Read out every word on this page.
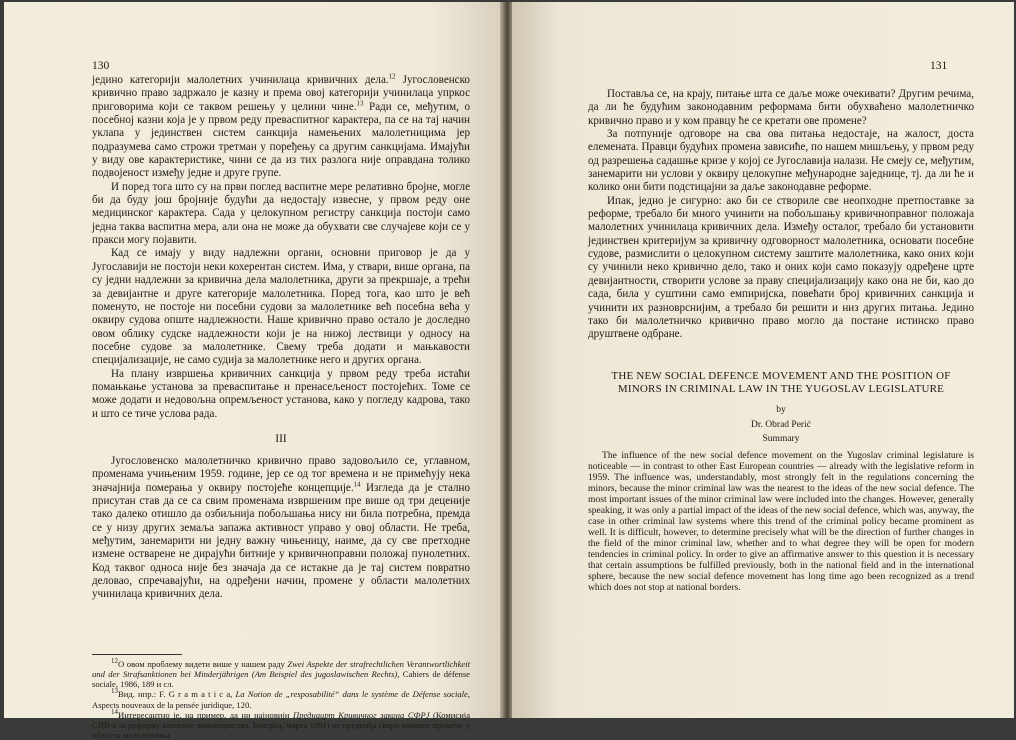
130

јединo категорији малолетних учинилаца кривичних дела.$^{12}$ Југословенско кривично право задржало је казну и према овој категорији учинилаца упркос приговорима који се таквом решењу у целини чине.$^{13}$ Ради се, међутим, о посебној казни која је у првом реду превaспитног карактера, па се на тај начин уклапа у јединствен систем санкција намењених малолетницима јер подразумева само строжи третман у поређењу са другим санкцијама. Имајући у виду ове карактеристике, чини се да из тих разлога није оправдана толико подвојеност између једне и друге групе.

И поред тога што су на први поглед васпитне мере релативно бројне, могле би да буду још бројније будући да недостају извесне, у првом реду оне медицинског карактера. Сада у целокупном регистру санкција постоји само једна таква васпитна мера, али она не може да обухвати све случајеве који се у пракси могу појавити.

Кад се имају у виду надлежни органи, основни приговор је да у Југославији не постоји неки кохерентан систем. Има, у ствари, више органа, па су једни надлежни за кривична дела малолетника, други за прекршаје, а трећи за девијантне и друге категорије малолетника. Поред тога, као што је већ поменуто, не постоје ни посебни судови за малолетнике већ посебна већа у оквиру судова опште надлежности. Наше кривично право остало је доследно овом облику судске надлежности који је на нижој лествици у односу на посебне судове за малолетнике. Свему треба додати и мањкавости специјализације, не само судија за малолетнике него и других органа.

На плану извршења кривичних санкција у првом реду треба истаћи помањкање установа за превaспитање и пренасељеност постојећих. Томе се може додати и недовољна опремљеност установа, како у погледу кадрова, тако и што се тиче услова рада.

III

Југословенско малолетничко кривично право задовољило се, углавном, промeнама учињеним 1959. године, јер се од тог времена и не примећују нека значајнија померања у оквиру постојеће концепције.$^{14}$ Изгледа да је стално присутан став да се са свим промeнама извршеним пре више од три деценије тако далеко отишло да озбиљнија побољшања нису ни била потребна, премда се у низу других земаља запажа активност управо у овој области. Не треба, међутим, занемарити ни једну важну чињеницу, наиме, да су све претходне измене остварене не дирајући битније у кривичноправни положај пунолетних. Код таквог односа није без значаја да се истакне да је тај систем поврaтно деловао, спречавајући, на одређени начин, промене у области малолетних учинилаца кривичних дела.

$^{12}$О овом проблему видети више у нашем раду Zwei Aspekte der strafrechtlichen Verantwortlichkeit und der Strafsanktionen bei Minderjährigen (Am Beispiel des jugoslawischen Rechts), Cahiers de défense sociale, 1986, 189 и сл.

$^{13}$Вид. нпр.: F. G r a m a t i c a, La Notion de „resposabilité“ dans le système de Défense sociale, Aspects nouveaux de la pensée juridique, 120.

$^{14}$Интересантно је, на пример, да ни најновији Преднацрт Кривичног закона СФРЈ (Комисија СИВ-а за реформу казненог законодавства, Београд, марта 1991) не предвиђа скоро никакве промене у области малолетника.

131

Поставља се, на крају, питање шта се даље може очекивати? Другим речима, да ли ће будућим законодавним реформама бити обухваћено малолетничко кривично право и у ком правцу ће се кретати ове промене?

За потпуније одговоре на сва ова питања недостаје, на жалост, доста елемената. Правци будућих промена зависиће, по нашем мишљењу, у првом реду од разрешења садашње кризе у којој се Југославија налази. Не смеју се, међутим, занемарити ни услови у оквиру целокупне међународне заједнице, тј. да ли ће и колико они бити подстицајни за даље законодавне реформе.

Ипак, једно је сигурно: ако би се створиле све неопходне претпоставке за реформе, требало би много учинити на побољшању кривичноправног положаја малолетних учинилаца кривичних дела. Између осталог, требало би установити јединствен критеријум за кривичну одговорност малолетника, основати посебне судове, размислити о целокупном систему заштите малолетника, како оних који су учинили нeкo кривично дело, тако и оних који само показују одређене црте девијантности, створити услове за праву специјализацију како она не би, као до сада, била у суштини само емпиријска, повећати број кривичних санкција и учинити их разноврснијим, а требало би решити и низ других питања. Једино тако би малолетничко кривично право могло да постане истинско право друштвене одбране.

THE NEW SOCIAL DEFENCE MOVEMENT AND THE POSITION OF MINORS IN CRIMINAL LAW IN THE YUGOSLAV LEGISLATURE
by
Dr. Obrad Perić
Summary

The influence of the new social defence movement on the Yugoslav criminal legislature is noticeable — in contrast to other East European countries — already with the legislative reform in 1959. The influence was, understandably, most strongly felt in the regulations concerning the minors, because the minor criminal law was the nearest to the ideas of the new social defence. The most important issues of the minor criminal law were included into the changes. However, generally speaking, it was only a partial impact of the ideas of the new social defence, which was, anyway, the case in other criminal law systems where this trend of the criminal policy became prominent as well. It is difficult, however, to determine precisely what will be the direction of further changes in the field of the minor criminal law, whether and to what degree they will be open for modern tendencies in criminal policy. In order to give an affirmative answer to this question it is necessary that certain assumptions be fulfilled previously, both in the national field and in the international sphere, because the new social defence movement has long time ago been recognized as a trend which does not stop at national borders.
